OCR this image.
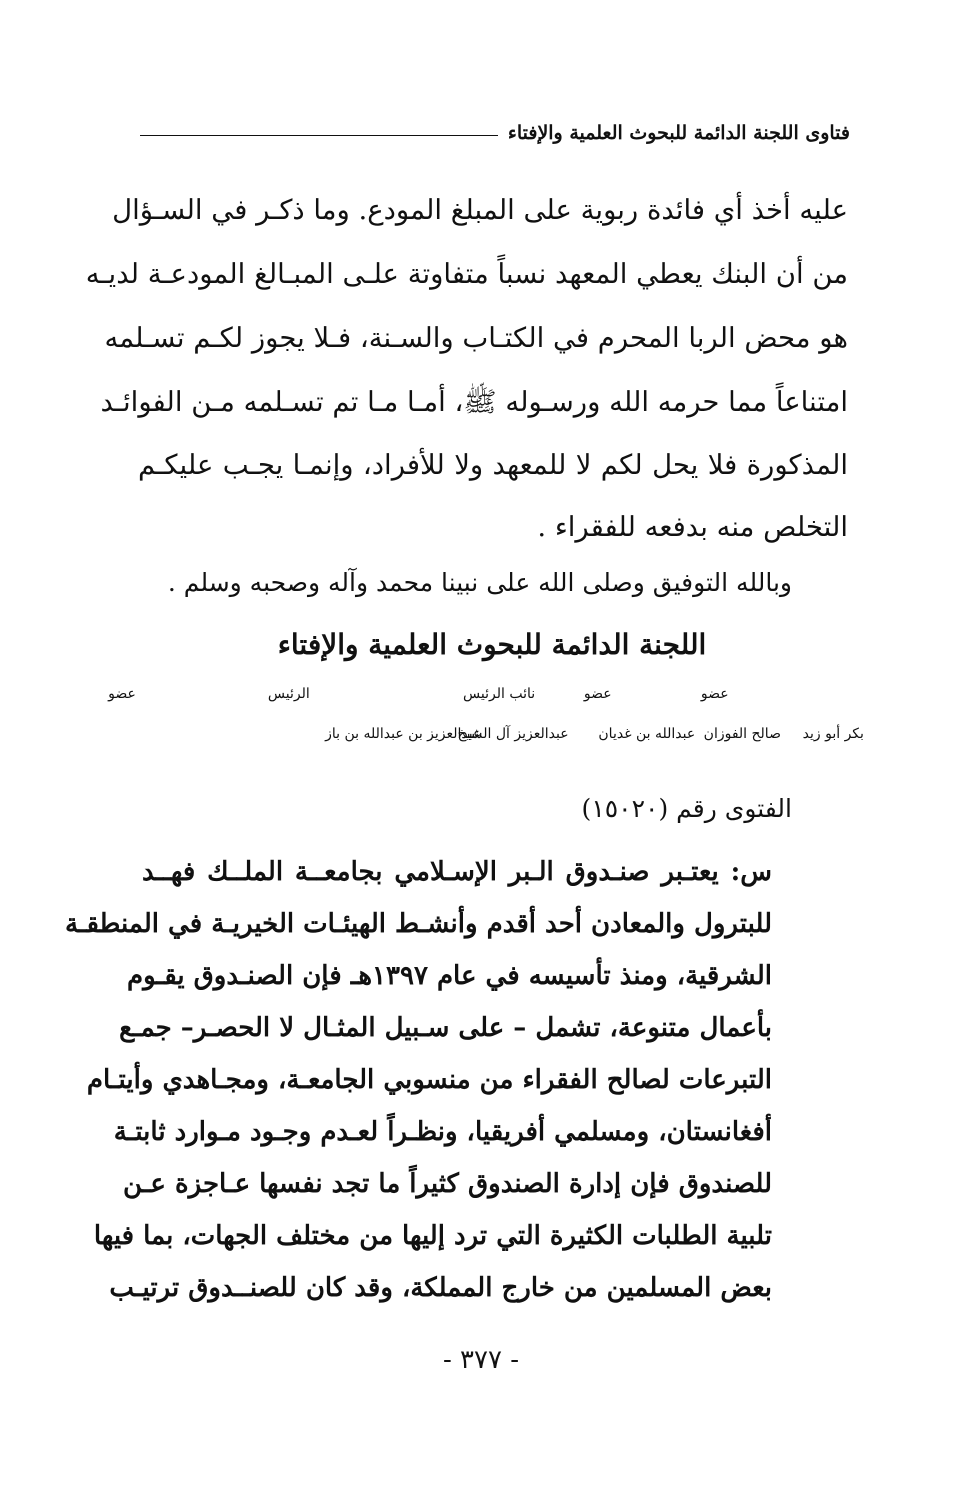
فتاوى اللجنة الدائمة للبحوث العلمية والإفتاء
عليه أخذ أي فائدة ربوية على المبلغ المودع. وما ذكـر في السـؤال
من أن البنك يعطي المعهد نسباً متفاوتة علـى المبـالغ المودعـة لديـه
هو محض الربا المحرم في الكتـاب والسـنة، فـلا يجوز لكـم تسـلمه
امتناعاً مما حرمه الله ورسـوله ﷺ، أمـا مـا تم تسـلمه مـن الفوائـد
المذكورة فلا يحل لكم لا للمعهد ولا للأفراد، وإنمـا يجـب عليكـم
التخلص منه بدفعه للفقراء .
وبالله التوفيق وصلى الله على نبينا محمد وآله وصحبه وسلم .
اللجنة الدائمة للبحوث العلمية والإفتاء
عضو	عضو
عضو
نائب الرئيس
الرئيس
بكر أبو زيد
صالح الفوزان
عبدالله بن غديان
عبدالعزيز آل الشيخ
عبدالعزيز بن عبدالله بن باز
الفتوى رقم (١٥٠٢٠)
س: يعتـبر صنـدوق الـبر الإسـلامي بجامعــة الملــك فهــد
للبترول والمعادن أحد أقدم وأنشـط الهيئـات الخيريـة في المنطقـة
الشرقية، ومنذ تأسيسه في عام ١٣٩٧هـ فإن الصنـدوق يقـوم
بأعمال متنوعة، تشمل – على سـبيل المثـال لا الحصـر– جمـع
التبرعات لصالح الفقراء من منسوبي الجامعـة، ومجـاهدي وأيتـام
أفغانستان، ومسلمي أفريقيا، ونظـراً لعـدم وجـود مـوارد ثابتـة
للصندوق فإن إدارة الصندوق كثيراً ما تجد نفسها عـاجزة عـن
تلبية الطلبات الكثيرة التي ترد إليها من مختلف الجهات، بما فيها
بعض المسلمين من خارج المملكة، وقد كان للصنــدوق ترتيـب
- ٣٧٧ -
